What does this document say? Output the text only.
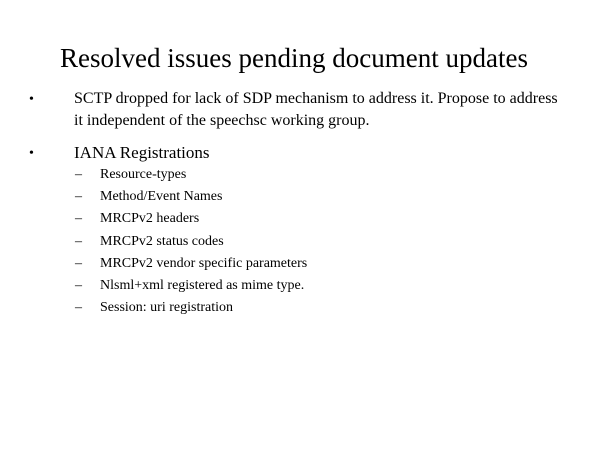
Resolved issues pending document updates
•	SCTP dropped for lack of SDP mechanism to address it. Propose to address it independent of the speechsc working group.
• IANA Registrations
– Resource-types
– Method/Event Names
– MRCPv2 headers
– MRCPv2 status codes
– MRCPv2 vendor specific parameters
– Nlsml+xml registered as mime type.
– Session: uri registration
